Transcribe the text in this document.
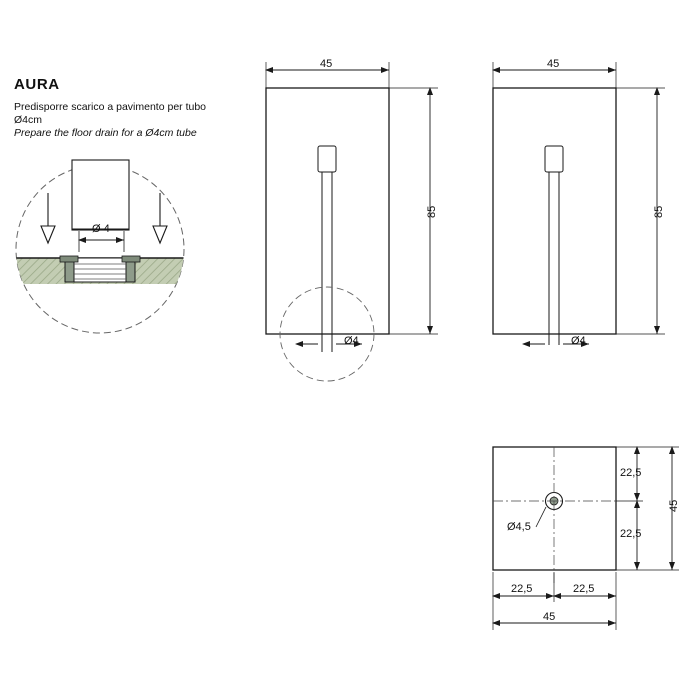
AURA

Predisporre scarico a pavimento per tubo Ø4cm

Prepare the floor drain for a Ø4cm tube

Ø 4
45
85
Ø4
45
85
Ø4
22,5
22,5
45
22,5	22,5
45
Ø4,5
